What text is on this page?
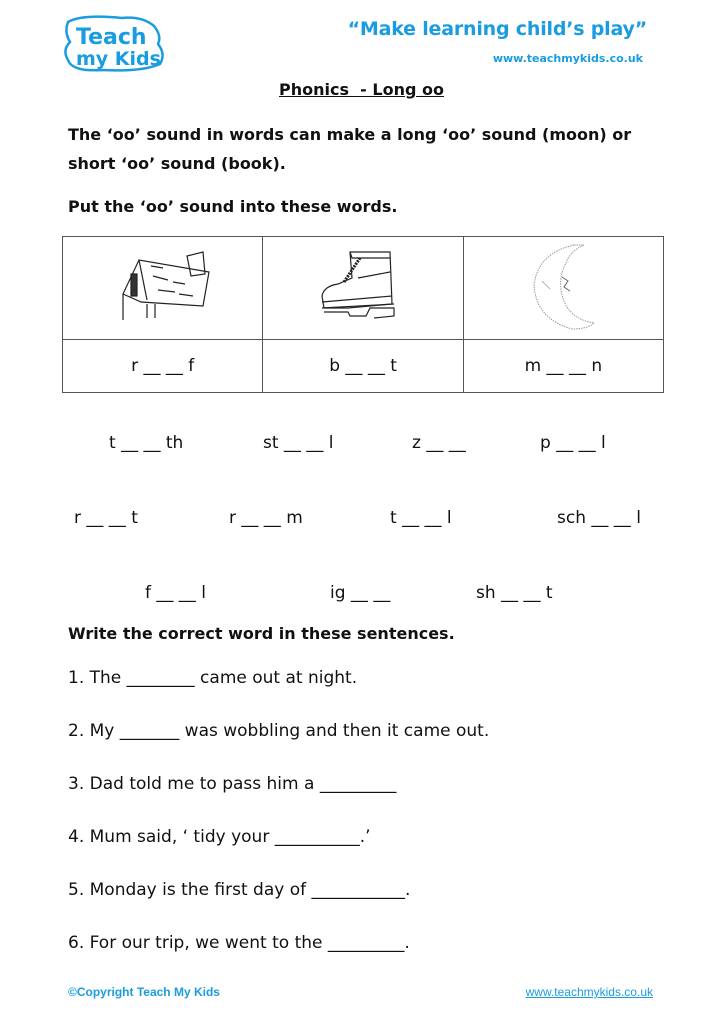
Teach
my Kids
“Make learning child’s play”
www.teachmykids.co.uk
Phonics  - Long oo
The ‘oo’ sound in words can make a long ‘oo’ sound (moon) or short ‘oo’ sound (book).
Put the ‘oo’ sound into these words.

r __ __ f	b __ __ t	m __ __ n
t __ __ th	st __ __ l	z __ __	p __ __ l
r __ __ t	r __ __ m	t __ __ l	sch __ __ l
f __ __ l	ig __ __	sh __ __ t
Write the correct word in these sentences.
1. The ________ came out at night.
2. My _______ was wobbling and then it came out.
3. Dad told me to pass him a _________
4. Mum said, ‘ tidy your __________.’
5. Monday is the first day of ___________.
6. For our trip, we went to the _________.
©Copyright Teach My Kids	www.teachmykids.co.uk
